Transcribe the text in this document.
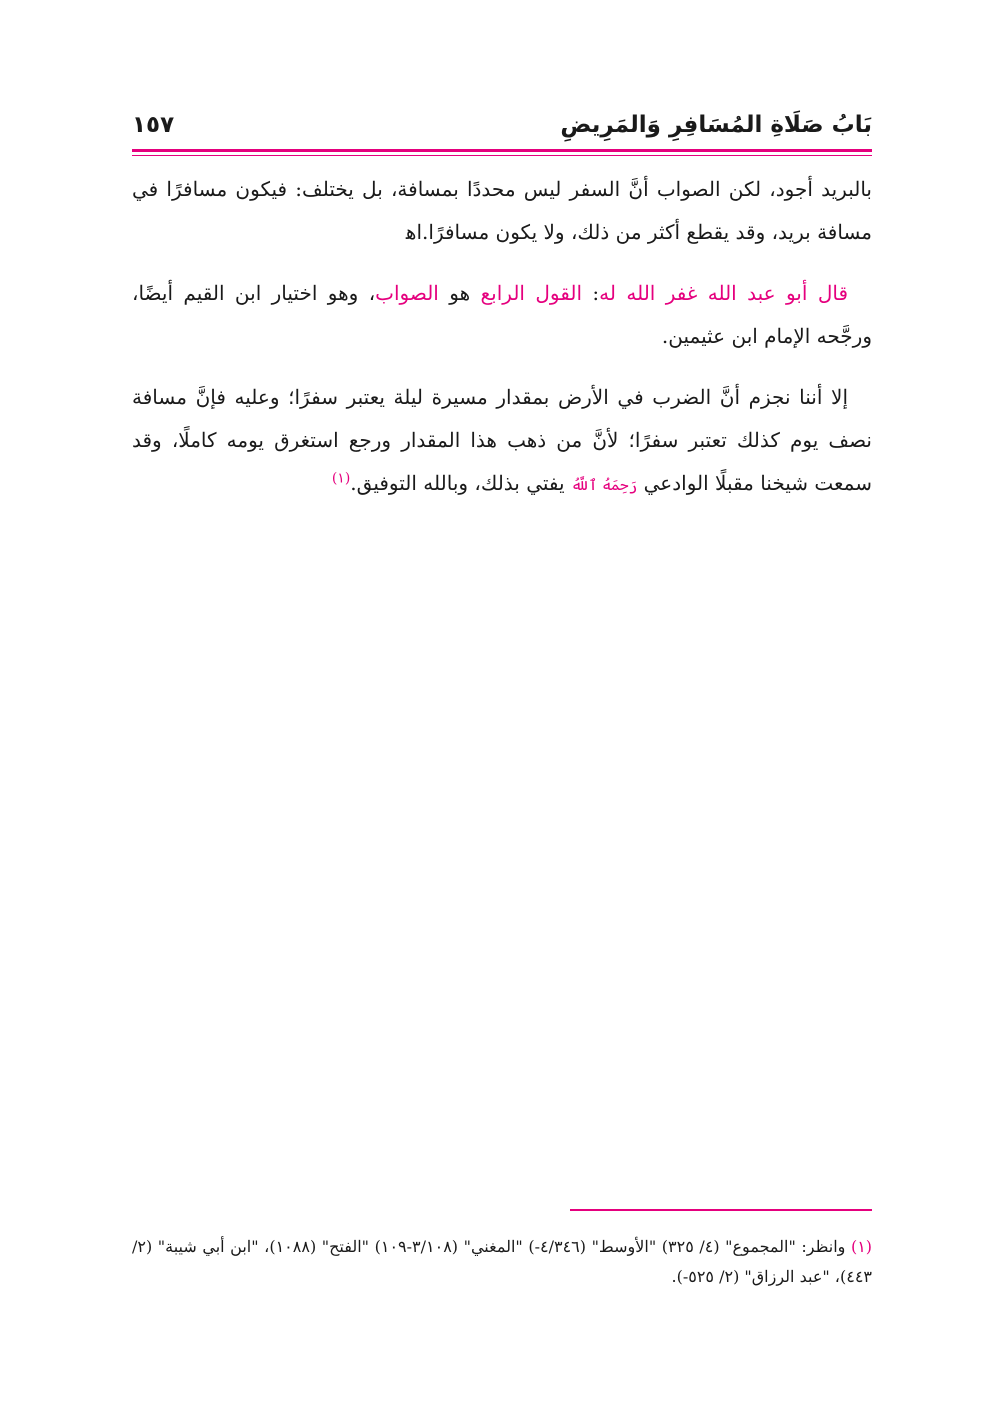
بَابُ صَلَاةِ المُسَافِرِ وَالمَرِيضِ
١٥٧

بالبريد أجود، لكن الصواب أنَّ السفر ليس محددًا بمسافة، بل يختلف: فيكون مسافرًا في مسافة بريد، وقد يقطع أكثر من ذلك، ولا يكون مسافرًا.اﻫ

قال أبو عبد الله غفر الله له: القول الرابع هو الصواب، وهو اختيار ابن القيم أيضًا، ورجَّحه الإمام ابن عثيمين.

إلا أننا نجزم أنَّ الضرب في الأرض بمقدار مسيرة ليلة يعتبر سفرًا؛ وعليه فإنَّ مسافة نصف يوم كذلك تعتبر سفرًا؛ لأنَّ من ذهب هذا المقدار ورجع استغرق يومه كاملًا، وقد سمعت شيخنا مقبلًا الوادعي رَحِمَهُ ٱللَّهُ يفتي بذلك، وبالله التوفيق.$^{(١)}$

(١) وانظر: "المجموع" (٤/ ٣٢٥) "الأوسط" (٤/٣٤٦-) "المغني" (٣/١٠٨-١٠٩) "الفتح" (١٠٨٨)، "ابن أبي شيبة" (٢/ ٤٤٣)، "عبد الرزاق" (٢/ ٥٢٥-).
